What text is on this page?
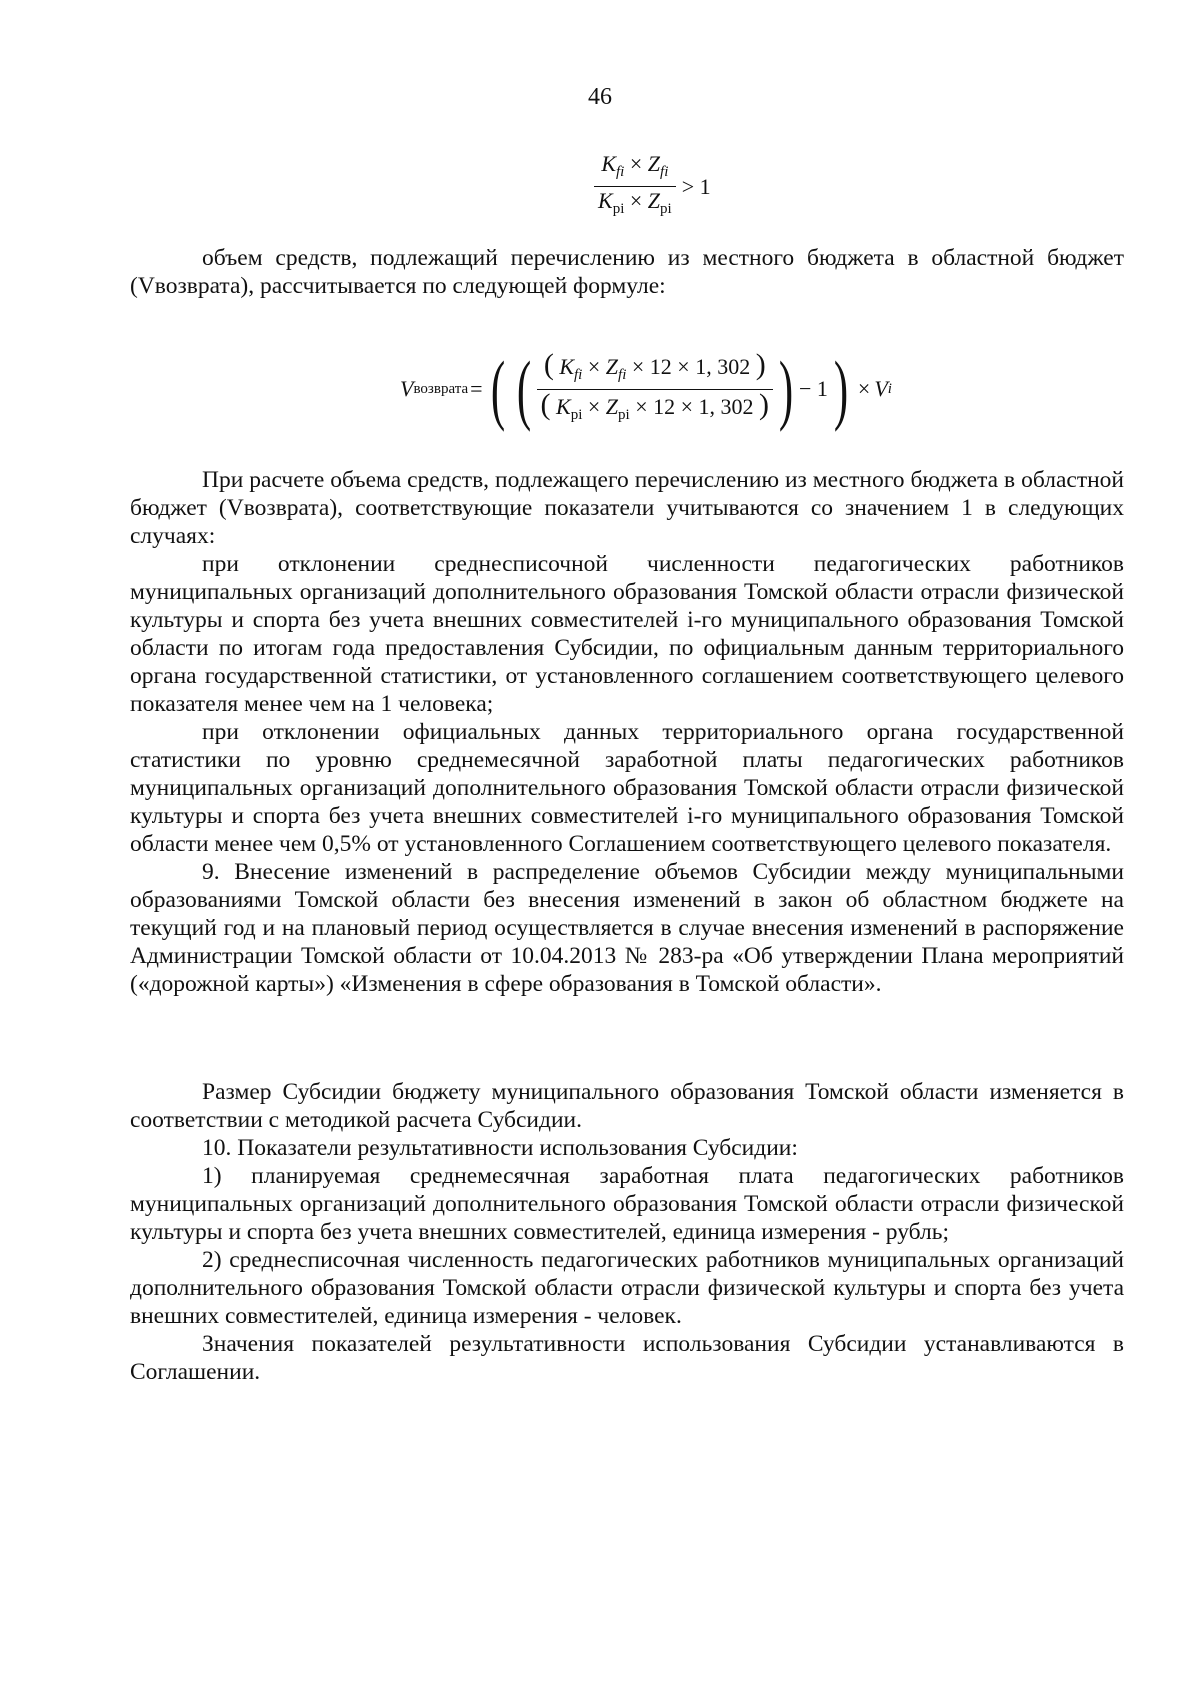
46
$\frac{K_{fi} \times Z_{fi}}{K_{pi} \times Z_{pi}} > 1$

объем средств, подлежащий перечислению из местного бюджета в областной бюджет (Vвозврата), рассчитывается по следующей формуле:

V возврата = ( ( ( $K_{fi} \times Z_{fi} \times 12 \times 1$, 302 )
( $K_{pi} \times Z_{pi} \times 12 \times 1$, 302 ) ) − 1 ) × V i

При расчете объема средств, подлежащего перечислению из местного бюджета в областной бюджет (Vвозврата), соответствующие показатели учитываются со значением 1 в следующих случаях:

при отклонении среднесписочной численности педагогических работников муниципальных организаций дополнительного образования Томской области отрасли физической культуры и спорта без учета внешних совместителей i-го муниципального образования Томской области по итогам года предоставления Субсидии, по официальным данным территориального органа государственной статистики, от установленного соглашением соответствующего целевого показателя менее чем на 1 человека;

при отклонении официальных данных территориального органа государственной статистики по уровню среднемесячной заработной платы педагогических работников муниципальных организаций дополнительного образования Томской области отрасли физической культуры и спорта без учета внешних совместителей i-го муниципального образования Томской области менее чем 0,5% от установленного Соглашением соответствующего целевого показателя.

9. Внесение изменений в распределение объемов Субсидии между муниципальными образованиями Томской области без внесения изменений в закон об областном бюджете на текущий год и на плановый период осуществляется в случае внесения изменений в распоряжение Администрации Томской области от 10.04.2013 № 283-ра «Об утверждении Плана мероприятий («дорожной карты») «Изменения в сфере образования в Томской области».

Размер Субсидии бюджету муниципального образования Томской области изменяется в соответствии с методикой расчета Субсидии.

10. Показатели результативности использования Субсидии:

1) планируемая среднемесячная заработная плата педагогических работников муниципальных организаций дополнительного образования Томской области отрасли физической культуры и спорта без учета внешних совместителей, единица измерения - рубль;

2) среднесписочная численность педагогических работников муниципальных организаций дополнительного образования Томской области отрасли физической культуры и спорта без учета внешних совместителей, единица измерения - человек.

Значения показателей результативности использования Субсидии устанавливаются в Соглашении.
